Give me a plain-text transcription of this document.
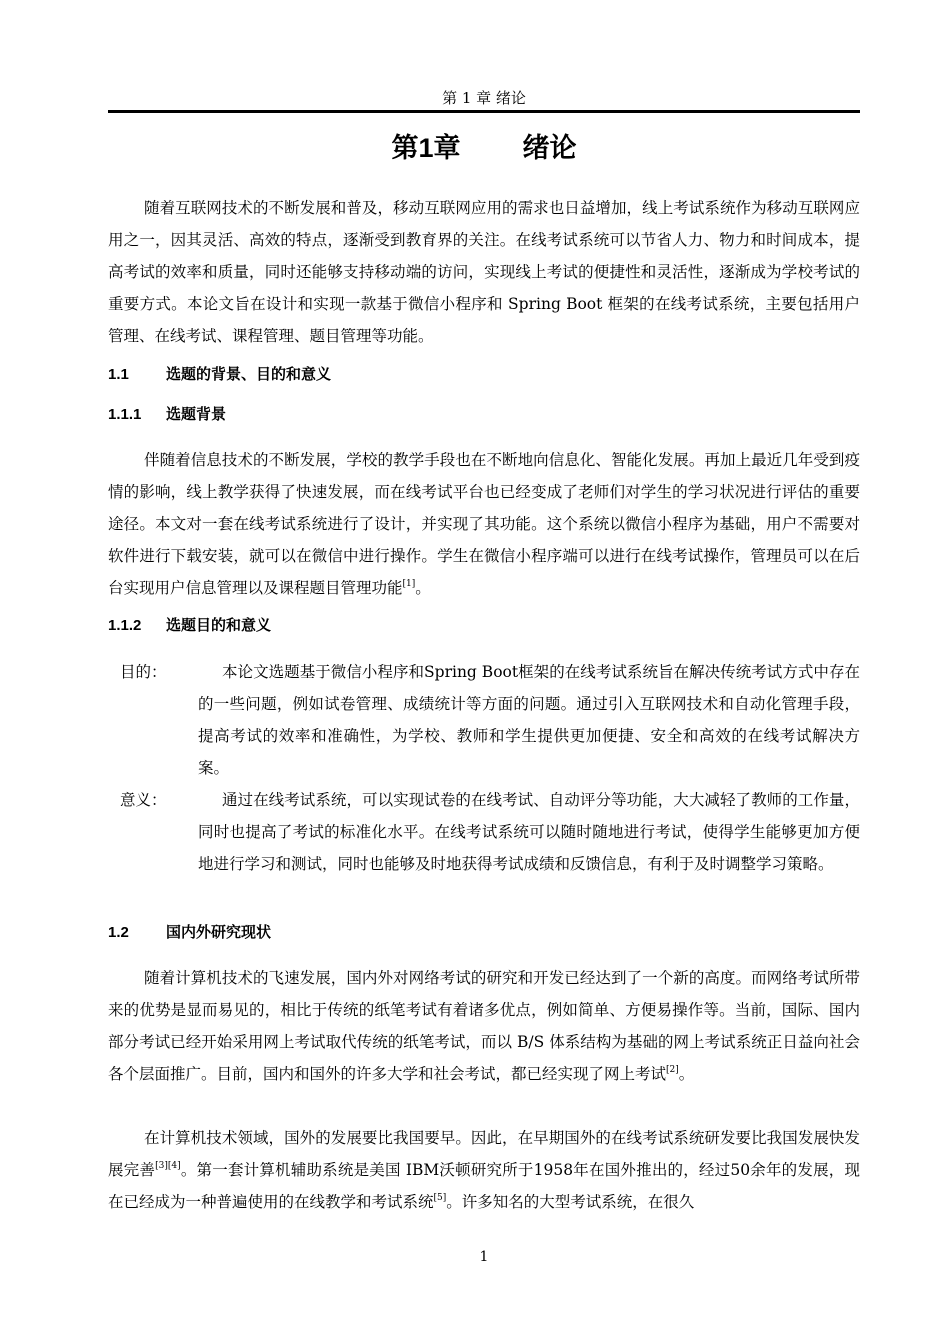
第 1 章 绪论
第1章 绪论

随着互联网技术的不断发展和普及，移动互联网应用的需求也日益增加，线上考试系统作为移动互联网应用之一，因其灵活、高效的特点，逐渐受到教育界的关注。在线考试系统可以节省人力、物力和时间成本，提高考试的效率和质量，同时还能够支持移动端的访问，实现线上考试的便捷性和灵活性，逐渐成为学校考试的重要方式。本论文旨在设计和实现一款基于微信小程序和 Spring Boot 框架的在线考试系统，主要包括用户管理、在线考试、课程管理、题目管理等功能。

1.1 选题的背景、目的和意义
1.1.1 选题背景

伴随着信息技术的不断发展，学校的教学手段也在不断地向信息化、智能化发展。再加上最近几年受到疫情的影响，线上教学获得了快速发展，而在线考试平台也已经变成了老师们对学生的学习状况进行评估的重要途径。本文对一套在线考试系统进行了设计，并实现了其功能。这个系统以微信小程序为基础，用户不需要对软件进行下载安装，就可以在微信中进行操作。学生在微信小程序端可以进行在线考试操作，管理员可以在后台实现用户信息管理以及课程题目管理功能[1]。

1.1.2 选题目的和意义
目的：	本论文选题基于微信小程序和Spring Boot框架的在线考试系统旨在解决传统考试方式中存在的一些问题，例如试卷管理、成绩统计等方面的问题。通过引入互联网技术和自动化管理手段，提高考试的效率和准确性，为学校、教师和学生提供更加便捷、安全和高效的在线考试解决方案。

意义：	通过在线考试系统，可以实现试卷的在线考试、自动评分等功能，大大减轻了教师的工作量，同时也提高了考试的标准化水平。在线考试系统可以随时随地进行考试，使得学生能够更加方便地进行学习和测试，同时也能够及时地获得考试成绩和反馈信息，有利于及时调整学习策略。

1.2 国内外研究现状

随着计算机技术的飞速发展，国内外对网络考试的研究和开发已经达到了一个新的高度。而网络考试所带来的优势是显而易见的，相比于传统的纸笔考试有着诸多优点，例如简单、方便易操作等。当前，国际、国内部分考试已经开始采用网上考试取代传统的纸笔考试，而以 B/S 体系结构为基础的网上考试系统正日益向社会各个层面推广。目前，国内和国外的许多大学和社会考试，都已经实现了网上考试[2]。

在计算机技术领域，国外的发展要比我国要早。因此，在早期国外的在线考试系统研发要比我国发展快发展完善[3][4]。第一套计算机辅助系统是美国 IBM沃顿研究所于1958年在国外推出的，经过50余年的发展，现在已经成为一种普遍使用的在线教学和考试系统[5]。许多知名的大型考试系统，在很久

1
